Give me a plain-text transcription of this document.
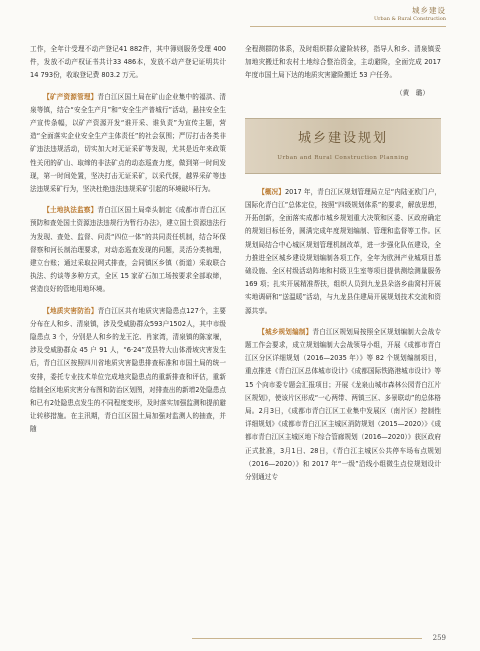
城乡建设
Urban & Rural Construction

工作，全年计受理不动产登记41 882件，其中簿则服务受理 400 件，发放不动产权证书共计33 486本，发放不动产登记证明共计14 793份，收取登记费 803.2 万元。

【矿产资源管理】青白江区国土局在矿山企业集中的福洪、清泉等镇，结合“安全生产月”和“安全生产普城行”活动，悬挂安全生产宣传条幅，以矿产资源开发“谁开采、谁负责”为宣传主题，营造“全面落实企业安全生产主体责任”的社会氛围；严厉打击各类非矿违法违规活动，切实加大对无证采矿等发现，尤其是近年来政策性关闭的矿山、取缔的非法矿点的动态巡查力度，做到第一时间发现，第一时间处置，坚决打击无证采矿，以采代探，越界采矿等违法违规采矿行为，坚决杜绝违法违规采矿引起的环境破坏行为。

【土地执法监察】青白江区国土局牵头制定《成都市青白江区预防和查处国土资源违法违规行为暂行办法》，建立国土资源违法行为发现、查处、监督、问责“四位一体”的共同责任机制，结合环保督察和河长制治理要求，对动态巡查发现的问题，灵活分类梳理，建立台账；通过采取拉网式排查，会同镇区乡镇（街道）采取联合执法、约谈等多种方式，全区 15 家矿石加工场按要求全部取缔，营造良好的管地用地环境。

【地质灾害防治】青白江区共有地质灾害隐患点127个，主要分布在人和乡、清泉镇，涉及受威胁群众593户1502人，其中市级隐患点 3 个，分别是人和乡的龙王沱、肖家湾，清泉镇的陈家堰，涉及受威胁群众 45 户 91 人，“6·24”茂县特大山体滑坡灾害发生后，青白江区按照四川省地质灾害隐患排查标准和市国土局的统一安排，委托专业技术单位完成地灾隐患点的重新排查和评估，重新绘制全区地质灾害分布图和防治区划图，对排查出的新增2处隐患点和已有2处隐患点发生的不同程度变形，及时落实加强监测和提前避让转移措施。在主汛期，青白江区国土局加强对监测人的抽查，并随

全程测群防体系，及时组织群众避险转移，指导人和乡、清泉镇妥加地灾搬迁和农村土地综合整治资金，主动避险，全面完成 2017 年度市国土局下达的地质灾害避险搬迁 53 户任务。

（黄　璐）

城乡建设规划
Urban and Rural Construction Planning

【概况】2017 年，青白江区规划管理局立足“内陆亚欧门户，国际化青白江”总体定位，按照“四级规划体系”的要求，解放思想，开拓创新，全面落实成都市城乡规划重大决策和区委、区政府确定的规划目标任务，圆满完成年度规划编制、管理和监督等工作。区规划局结合中心城区规划管理机制改革，进一步强化队伍建设，全力推进全区城乡建设规划编制各项工作，全年为欧洲产业城项目基础设施、全区村级活动阵地和村级卫生室等项目提供测绘测量服务 169 项；扎实开展精准帮扶，组织人员到九龙县朵洛乡曲窝村开展实地调研和“送温暖”活动，与九龙县住建局开展规划技术交流和资源共享。

【城乡规划编制】青白江区规划局按照全区规划编制大会战专题工作会要求，成立规划编制大会战领导小组，开展《成都市青白江区分区详细规划（2016—2035 年）》等 82 个规划编制项目，重点推进《青白江区总体城市设计》《成都国际铁路港城市设计》等 15 个向市委专题会汇报项目；开展《龙泉山城市森林公园青白江片区规划》，使该片区形成“一心两带、两镇三区、多景联动”的总体格局。2月3日，《成都市青白江区工业集中发展区（南片区）控制性详细规划》《成都市青白江区主城区消防规划（2015—2020）》《成都市青白江区主城区地下综合管廊规划（2016—2020）》获区政府正式批准，3月1日、28日，《青白江主城区公共停车场布点规划（2016—2020）》和 2017 年“一级”沿线小组微生点位规划设计分别通过专

259
